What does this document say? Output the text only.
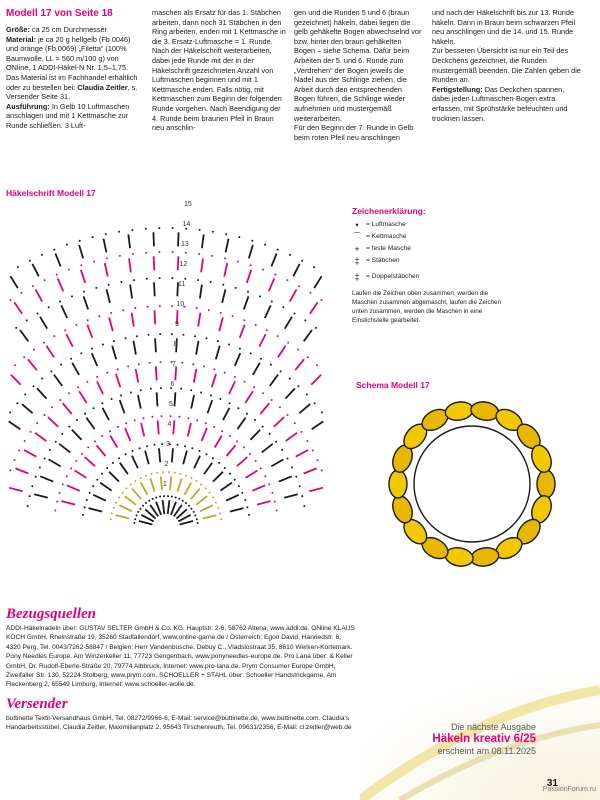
Modell 17 von Seite 18

Größe: ca 25 cm Durchmesser

Material: je ca 20 g hellgelb (Fb 0046) und orange (Fb 0069) „Filetta“ (100% Baumwolle, LL = 560 m/100 g) von ONline, 1 ADDI-Häkel-N Nr. 1,5–1,75.

Das Material ist im Fachhandel erhältlich oder zu bestellen bei: Claudia Zeitler, s. Versender Seite 31.

Ausführung: In Gelb 10 Luftmaschen anschlagen und mit 1 Kettmasche zur Runde schließen. 3 Luft-

maschen als Ersatz für das 1. Stäbchen arbeiten, dann noch 31 Stäbchen in den Ring arbeiten, enden mit 1 Kettmasche in die 3. Ersatz-Luftmasche = 1. Runde. Nach der Häkelschrift weiterarbeiten, dabei jede Runde mit der in der Häkelschrift gezeichneten Anzahl von Luftmaschen beginnen und mit 1 Kettmasche enden. Falls nötig, mit Kettmaschen zum Beginn der folgenden Runde vorgehen. Nach Beendigung der 4. Runde beim braunen Pfeil in Braun neu anschlin-

gen und die Runden 5 und 6 (braun gezeichnet) häkeln, dabei liegen die gelb gehäkelte Bogen abwechselnd vor bzw. hinter den braun gehäkelten Bogen – siehe Schema. Dafür beim Arbeiten der 5. und 6. Runde zum „Verdrehen“ der Bogen jeweils die Nadel aus der Schlinge ziehen, die Arbeit durch den entsprechenden Bogen führen, die Schlinge wieder aufnehmen und mustergemäß weiterarbeiten.

Für den Beginn der 7. Runde in Gelb beim roten Pfeil neu anschlingen

und nach der Häkelschrift bis zur 13. Runde häkeln. Dann in Braun beim schwarzen Pfeil neu anschlingen und die 14. und 15. Runde häkeln.

Zur besseren Übersicht ist nur ein Teil des Deckchens gezeichnet, die Runden mustergemäß beenden. Die Zahlen geben die Runden an.

Fertigstellung: Das Deckchen spannen, dabei jeden Luftmaschen-Bogen extra erfassen, mit Sprühstärke befeuchten und trocknen lassen.

Häkelschrift Modell 17
15
14
13
12
11
10
9
8
7
6
5
4
3
2
1
Zeichenerklärung:
•	= Luftmasche
⌒ = Kettmasche
+ = feste Masche
‡ = Stäbchen
‡ = Doppelstäbchen
Laufen die Zeichen oben zusammen, werden die Maschen zusammen abgemascht, laufen die Zeichen unten zusammen, werden die Maschen in eine Einstichstelle gearbeitet.
Schema Modell 17
Bezugsquellen

ADDI-Häkelnadeln über: GUSTAV SELTER GmbH & Co. KG, Hauptstr. 2-6, 58762 Altena, www.addi.de. ONline KLAUS KOCH GmbH, Rheinstraße 19, 35260 Stadtallendorf, www.online-garne.de / Österreich: Egon David, Hanriedstr. 6, 4320 Perg, Tel. 0043/7262-58847 / Belgien: Herr Vandenbusche, Debuy C., Vladslostraat 35, 8610 Werken-Kortemark. Pony Needles Europe, Am Winzerkeller 11, 77723 Gengenbach, www.ponyneedles-europe.de. Pro Lana über: & Keller GmbH, Dr. Rudolf-Eberle-Straße 20, 79774 Albbruck, Internet: www.pro-lana.de. Prym Consumer Europe GmbH, Zweifaller Str. 130, 52224 Stolberg, www.prym.com. SCHOELLER + STAHL über: Schoeller Handstrickgarne, Am Fleckenberg 2, 65549 Limburg, Internet: www.schoeller-wolle.de.

Versender

buttinette Textil-Versandhaus GmbH, Tel. 08272/9966-6, E-Mail: service@buttinette.de, www.buttinette.com. Claudia's Handarbeitsstübel, Claudia Zeitler, Maximilianplatz 2, 95643 Tirschenreuth, Tel. 09631/2356, E-Mail: cl.zeitler@web.de	Die nächste Ausgabe
Häkeln kreativ 6/25
erscheint am 08.11.2025
31
PassionForum.ru
